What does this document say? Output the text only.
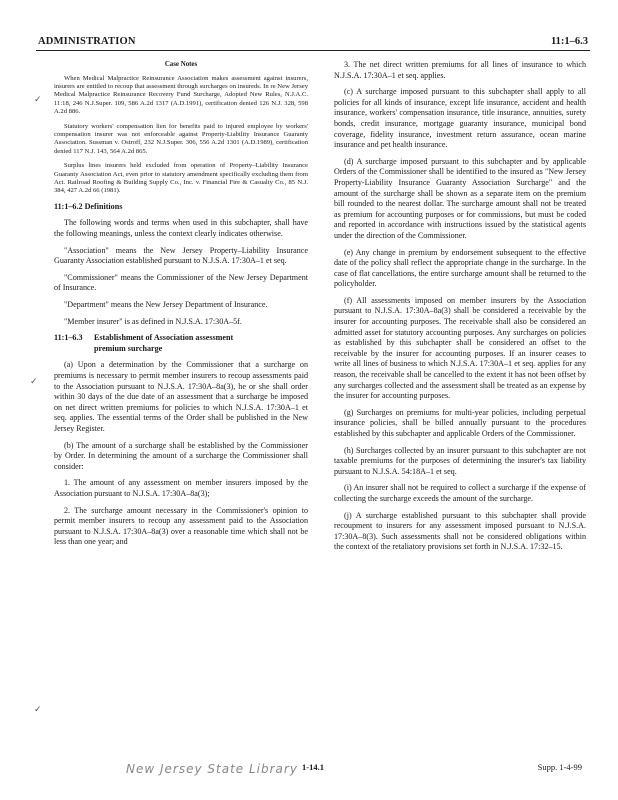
ADMINISTRATION	11:1–6.3
Case Notes

When Medical Malpractice Reinsurance Association makes assessment against insurers, insurers are entitled to recoup that assessment through surcharges on insureds. In re New Jersey Medical Malpractice Reinsurance Recovery Fund Surcharge, Adopted New Rules, N.J.A.C. 11:18, 246 N.J.Super. 109, 586 A.2d 1317 (A.D.1991), certification denied 126 N.J. 328, 598 A.2d 886.

Statutory workers' compensation lien for benefits paid to injured employee by workers' compensation insurer was not enforceable against Property-Liability Insurance Guaranty Association. Sussman v. Ostroff, 232 N.J.Super. 306, 556 A.2d 1301 (A.D.1989), certification denied 117 N.J. 143, 564 A.2d 865.

Surplus lines insurers held excluded from operation of Property–Liability Insurance Guaranty Association Act, even prior to statutory amendment specifically excluding them from Act. Railroad Roofing & Building Supply Co., Inc. v. Financial Fire & Casualty Co., 85 N.J. 384, 427 A.2d 66 (1981).

11:1–6.2 Definitions

The following words and terms when used in this subchapter, shall have the following meanings, unless the context clearly indicates otherwise.

"Association" means the New Jersey Property–Liability Insurance Guaranty Association established pursuant to N.J.S.A. 17:30A–1 et seq.

"Commissioner" means the Commissioner of the New Jersey Department of Insurance.

"Department" means the New Jersey Department of Insurance.

"Member insurer" is as defined in N.J.S.A. 17:30A–5f.

11:1–6.3 Establishment of Association assessment
premium surcharge

(a) Upon a determination by the Commissioner that a surcharge on premiums is necessary to permit member insurers to recoup assessments paid to the Association pursuant to N.J.S.A. 17:30A–8a(3), he or she shall order within 30 days of the due date of an assessment that a surcharge be imposed on net direct written premiums for policies to which N.J.S.A. 17:30A–1 et seq. applies. The essential terms of the Order shall be published in the New Jersey Register.

(b) The amount of a surcharge shall be established by the Commissioner by Order. In determining the amount of a surcharge the Commissioner shall consider:

1. The amount of any assessment on member insurers imposed by the Association pursuant to N.J.S.A. 17:30A–8a(3);

2. The surcharge amount necessary in the Commissioner's opinion to permit member insurers to recoup any assessment paid to the Association pursuant to N.J.S.A. 17:30A–8a(3) over a reasonable time which shall not be less than one year; and

3. The net direct written premiums for all lines of insurance to which N.J.S.A. 17:30A–1 et seq. applies.

(c) A surcharge imposed pursuant to this subchapter shall apply to all policies for all kinds of insurance, except life insurance, accident and health insurance, workers' compensation insurance, title insurance, annuities, surety bonds, credit insurance, mortgage guaranty insurance, municipal bond coverage, fidelity insurance, investment return assurance, ocean marine insurance and pet health insurance.

(d) A surcharge imposed pursuant to this subchapter and by applicable Orders of the Commissioner shall be identified to the insured as "New Jersey Property-Liability Insurance Guaranty Association Surcharge" and the amount of the surcharge shall be shown as a separate item on the premium bill rounded to the nearest dollar. The surcharge amount shall not be treated as premium for accounting purposes or for commissions, but must be coded and reported in accordance with instructions issued by the statistical agents under the direction of the Commissioner.

(e) Any change in premium by endorsement subsequent to the effective date of the policy shall reflect the appropriate change in the surcharge. In the case of flat cancellations, the entire surcharge amount shall be returned to the policyholder.

(f) All assessments imposed on member insurers by the Association pursuant to N.J.S.A. 17:30A–8a(3) shall be considered a receivable by the insurer for accounting purposes. The receivable shall also be considered an admitted asset for statutory accounting purposes. Any surcharges on policies as established by this subchapter shall be considered an offset to the receivable by the insurer for accounting purposes. If an insurer ceases to write all lines of business to which N.J.S.A. 17:30A–1 et seq. applies for any reason, the receivable shall be cancelled to the extent it has not been offset by any surcharges collected and the assessment shall be treated as an expense by the insurer for accounting purposes.

(g) Surcharges on premiums for multi-year policies, including perpetual insurance policies, shall be billed annually pursuant to the procedures established by this subchapter and applicable Orders of the Commissioner.

(h) Surcharges collected by an insurer pursuant to this subchapter are not taxable premiums for the purposes of determining the insurer's tax liability pursuant to N.J.S.A. 54:18A–1 et seq.

(i) An insurer shall not be required to collect a surcharge if the expense of collecting the surcharge exceeds the amount of the surcharge.

(j) A surcharge established pursuant to this subchapter shall provide recoupment to insurers for any assessment imposed pursuant to N.J.S.A. 17:30A–8(3). Such assessments shall not be considered obligations within the context of the retaliatory provisions set forth in N.J.S.A. 17:32–15.

✓
✓
✓
New Jersey State Library 1-14.1	Supp. 1-4-99
